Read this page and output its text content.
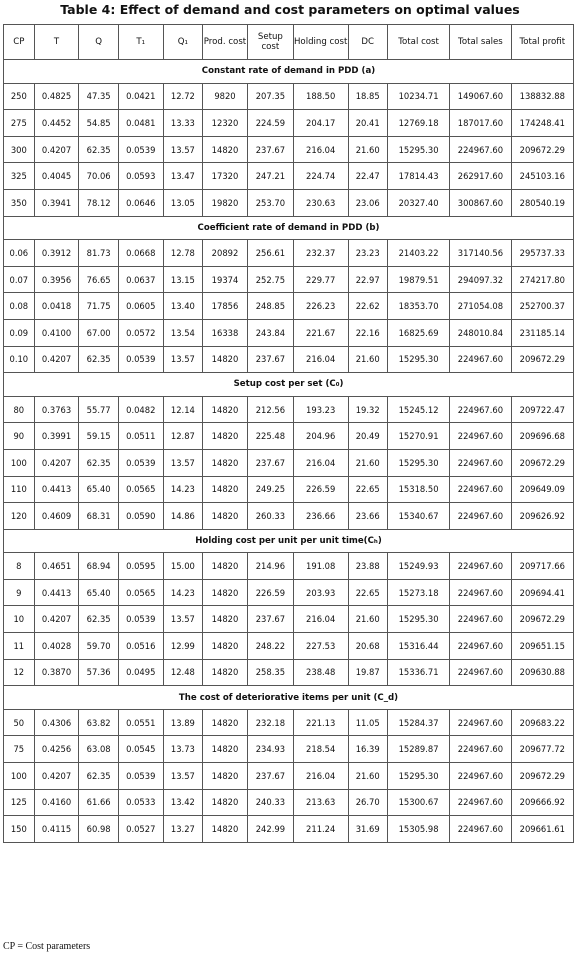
Table 4: Effect of demand and cost parameters on optimal values
CP	T	Q	T₁	Q₁	Prod. cost	Setup cost	Holding cost	DC	Total cost	Total sales	Total profit
Constant rate of demand in PDD (a)											
250	0.4825	47.35	0.0421	12.72	9820	207.35	188.50	18.85	10234.71	149067.60	138832.88
275	0.4452	54.85	0.0481	13.33	12320	224.59	204.17	20.41	12769.18	187017.60	174248.41
300	0.4207	62.35	0.0539	13.57	14820	237.67	216.04	21.60	15295.30	224967.60	209672.29
325	0.4045	70.06	0.0593	13.47	17320	247.21	224.74	22.47	17814.43	262917.60	245103.16
350	0.3941	78.12	0.0646	13.05	19820	253.70	230.63	23.06	20327.40	300867.60	280540.19
Coefficient rate of demand in PDD (b)											
0.06	0.3912	81.73	0.0668	12.78	20892	256.61	232.37	23.23	21403.22	317140.56	295737.33
0.07	0.3956	76.65	0.0637	13.15	19374	252.75	229.77	22.97	19879.51	294097.32	274217.80
0.08	0.0418	71.75	0.0605	13.40	17856	248.85	226.23	22.62	18353.70	271054.08	252700.37
0.09	0.4100	67.00	0.0572	13.54	16338	243.84	221.67	22.16	16825.69	248010.84	231185.14
0.10	0.4207	62.35	0.0539	13.57	14820	237.67	216.04	21.60	15295.30	224967.60	209672.29
Setup cost per set (C₀)											
80	0.3763	55.77	0.0482	12.14	14820	212.56	193.23	19.32	15245.12	224967.60	209722.47
90	0.3991	59.15	0.0511	12.87	14820	225.48	204.96	20.49	15270.91	224967.60	209696.68
100	0.4207	62.35	0.0539	13.57	14820	237.67	216.04	21.60	15295.30	224967.60	209672.29
110	0.4413	65.40	0.0565	14.23	14820	249.25	226.59	22.65	15318.50	224967.60	209649.09
120	0.4609	68.31	0.0590	14.86	14820	260.33	236.66	23.66	15340.67	224967.60	209626.92
Holding cost per unit per unit time(Cₕ)											
8	0.4651	68.94	0.0595	15.00	14820	214.96	191.08	23.88	15249.93	224967.60	209717.66
9	0.4413	65.40	0.0565	14.23	14820	226.59	203.93	22.65	15273.18	224967.60	209694.41
10	0.4207	62.35	0.0539	13.57	14820	237.67	216.04	21.60	15295.30	224967.60	209672.29
11	0.4028	59.70	0.0516	12.99	14820	248.22	227.53	20.68	15316.44	224967.60	209651.15
12	0.3870	57.36	0.0495	12.48	14820	258.35	238.48	19.87	15336.71	224967.60	209630.88
The cost of deteriorative items per unit (C_d)											
50	0.4306	63.82	0.0551	13.89	14820	232.18	221.13	11.05	15284.37	224967.60	209683.22
75	0.4256	63.08	0.0545	13.73	14820	234.93	218.54	16.39	15289.87	224967.60	209677.72
100	0.4207	62.35	0.0539	13.57	14820	237.67	216.04	21.60	15295.30	224967.60	209672.29
125	0.4160	61.66	0.0533	13.42	14820	240.33	213.63	26.70	15300.67	224967.60	209666.92
150	0.4115	60.98	0.0527	13.27	14820	242.99	211.24	31.69	15305.98	224967.60	209661.61
CP = Cost parameters
